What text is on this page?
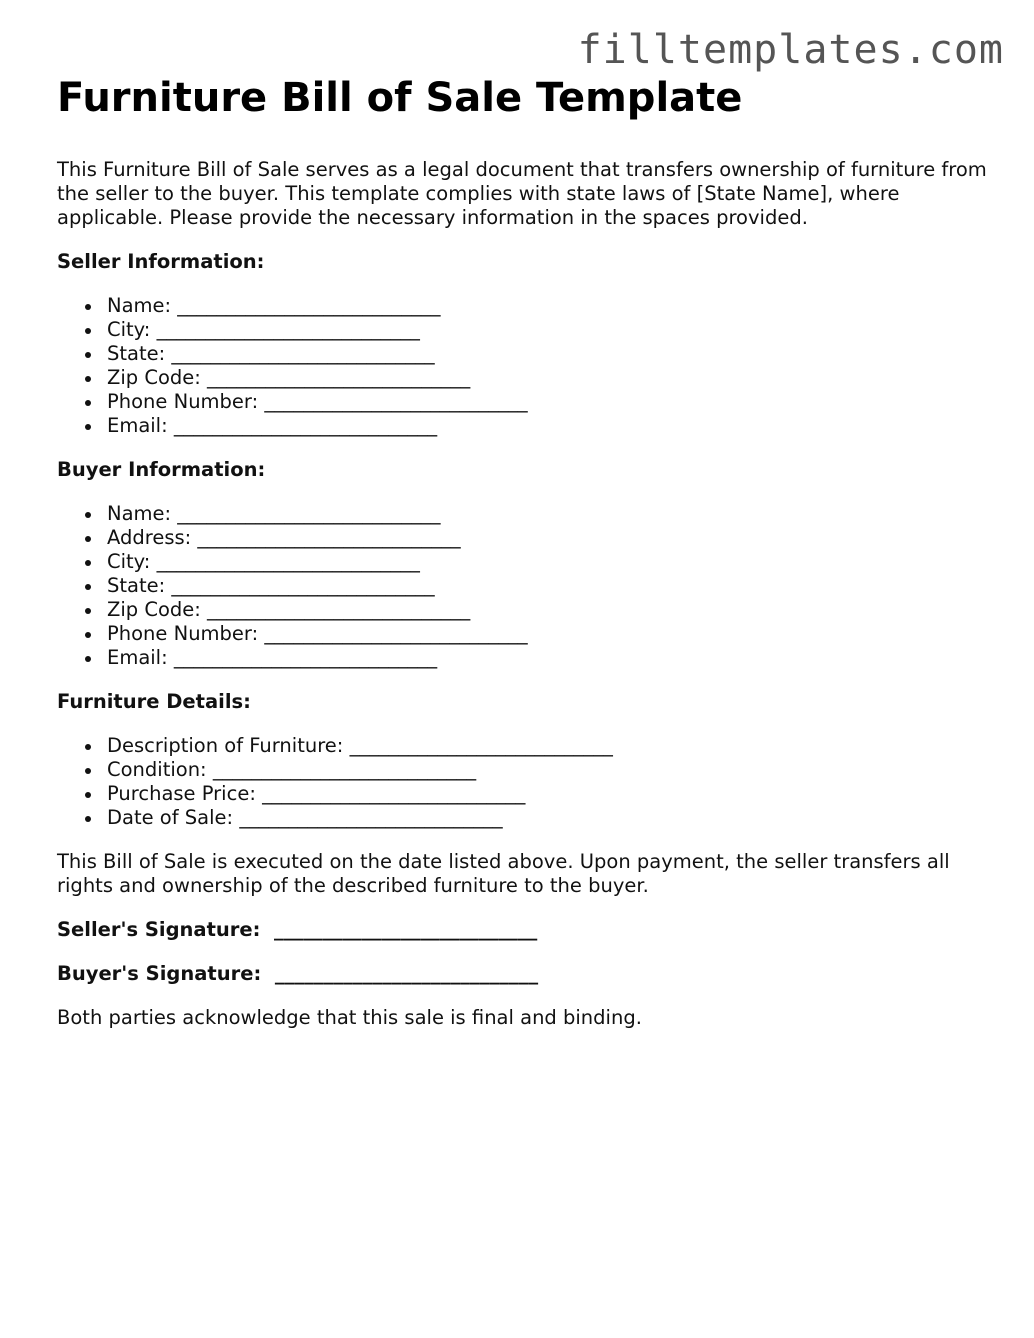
filltemplates.com
Furniture Bill of Sale Template

This Furniture Bill of Sale serves as a legal document that transfers ownership of furniture from the seller to the buyer. This template complies with state laws of [State Name], where applicable. Please provide the necessary information in the spaces provided.

Seller Information:
Name: ___________________________
City: ___________________________
State: ___________________________
Zip Code: ___________________________
Phone Number: ___________________________
Email: ___________________________
Buyer Information:
Name: ___________________________
Address: ___________________________
City: ___________________________
State: ___________________________
Zip Code: ___________________________
Phone Number: ___________________________
Email: ___________________________
Furniture Details:
Description of Furniture: ___________________________
Condition: ___________________________
Purchase Price: ___________________________
Date of Sale: ___________________________

This Bill of Sale is executed on the date listed above. Upon payment, the seller transfers all rights and ownership of the described furniture to the buyer.

Seller's Signature:  ___________________________
Buyer's Signature:  ___________________________

Both parties acknowledge that this sale is final and binding.
